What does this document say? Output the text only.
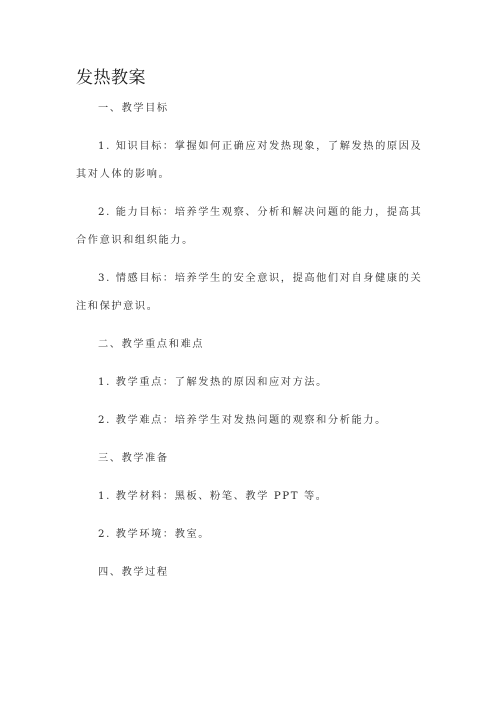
发热教案
一、教学目标
1. 知识目标：掌握如何正确应对发热现象，了解发热的原因及
其对人体的影响。
2. 能力目标：培养学生观察、分析和解决问题的能力，提高其
合作意识和组织能力。
3. 情感目标：培养学生的安全意识，提高他们对自身健康的关
注和保护意识。
二、教学重点和难点
1. 教学重点：了解发热的原因和应对方法。
2. 教学难点：培养学生对发热问题的观察和分析能力。
三、教学准备
1. 教学材料：黑板、粉笔、教学 PPT 等。
2. 教学环境：教室。
四、教学过程
